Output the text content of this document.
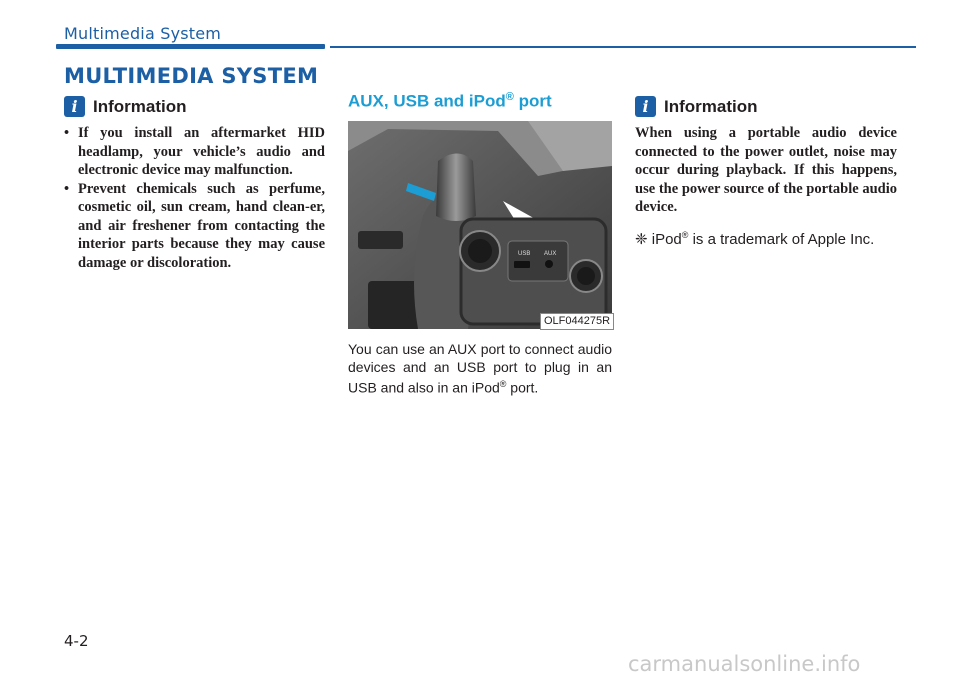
Multimedia System
MULTIMEDIA SYSTEM
i Information
• If you install an aftermarket HID headlamp, your vehicle’s audio and electronic device may malfunction.
• Prevent chemicals such as perfume, cosmetic oil, sun cream, hand clean-er, and air freshener from contacting the interior parts because they may cause damage or discoloration.
AUX, USB and iPod® port
USB AUX
OLF044275R
You can use an AUX port to connect audio devices and an USB port to plug in an USB and also in an iPod® port.
i Information
When using a portable audio device connected to the power outlet, noise may occur during playback. If this happens, use the power source of the portable audio device.
❈ iPod® is a trademark of Apple Inc.
4-2
carmanualsonline.info
